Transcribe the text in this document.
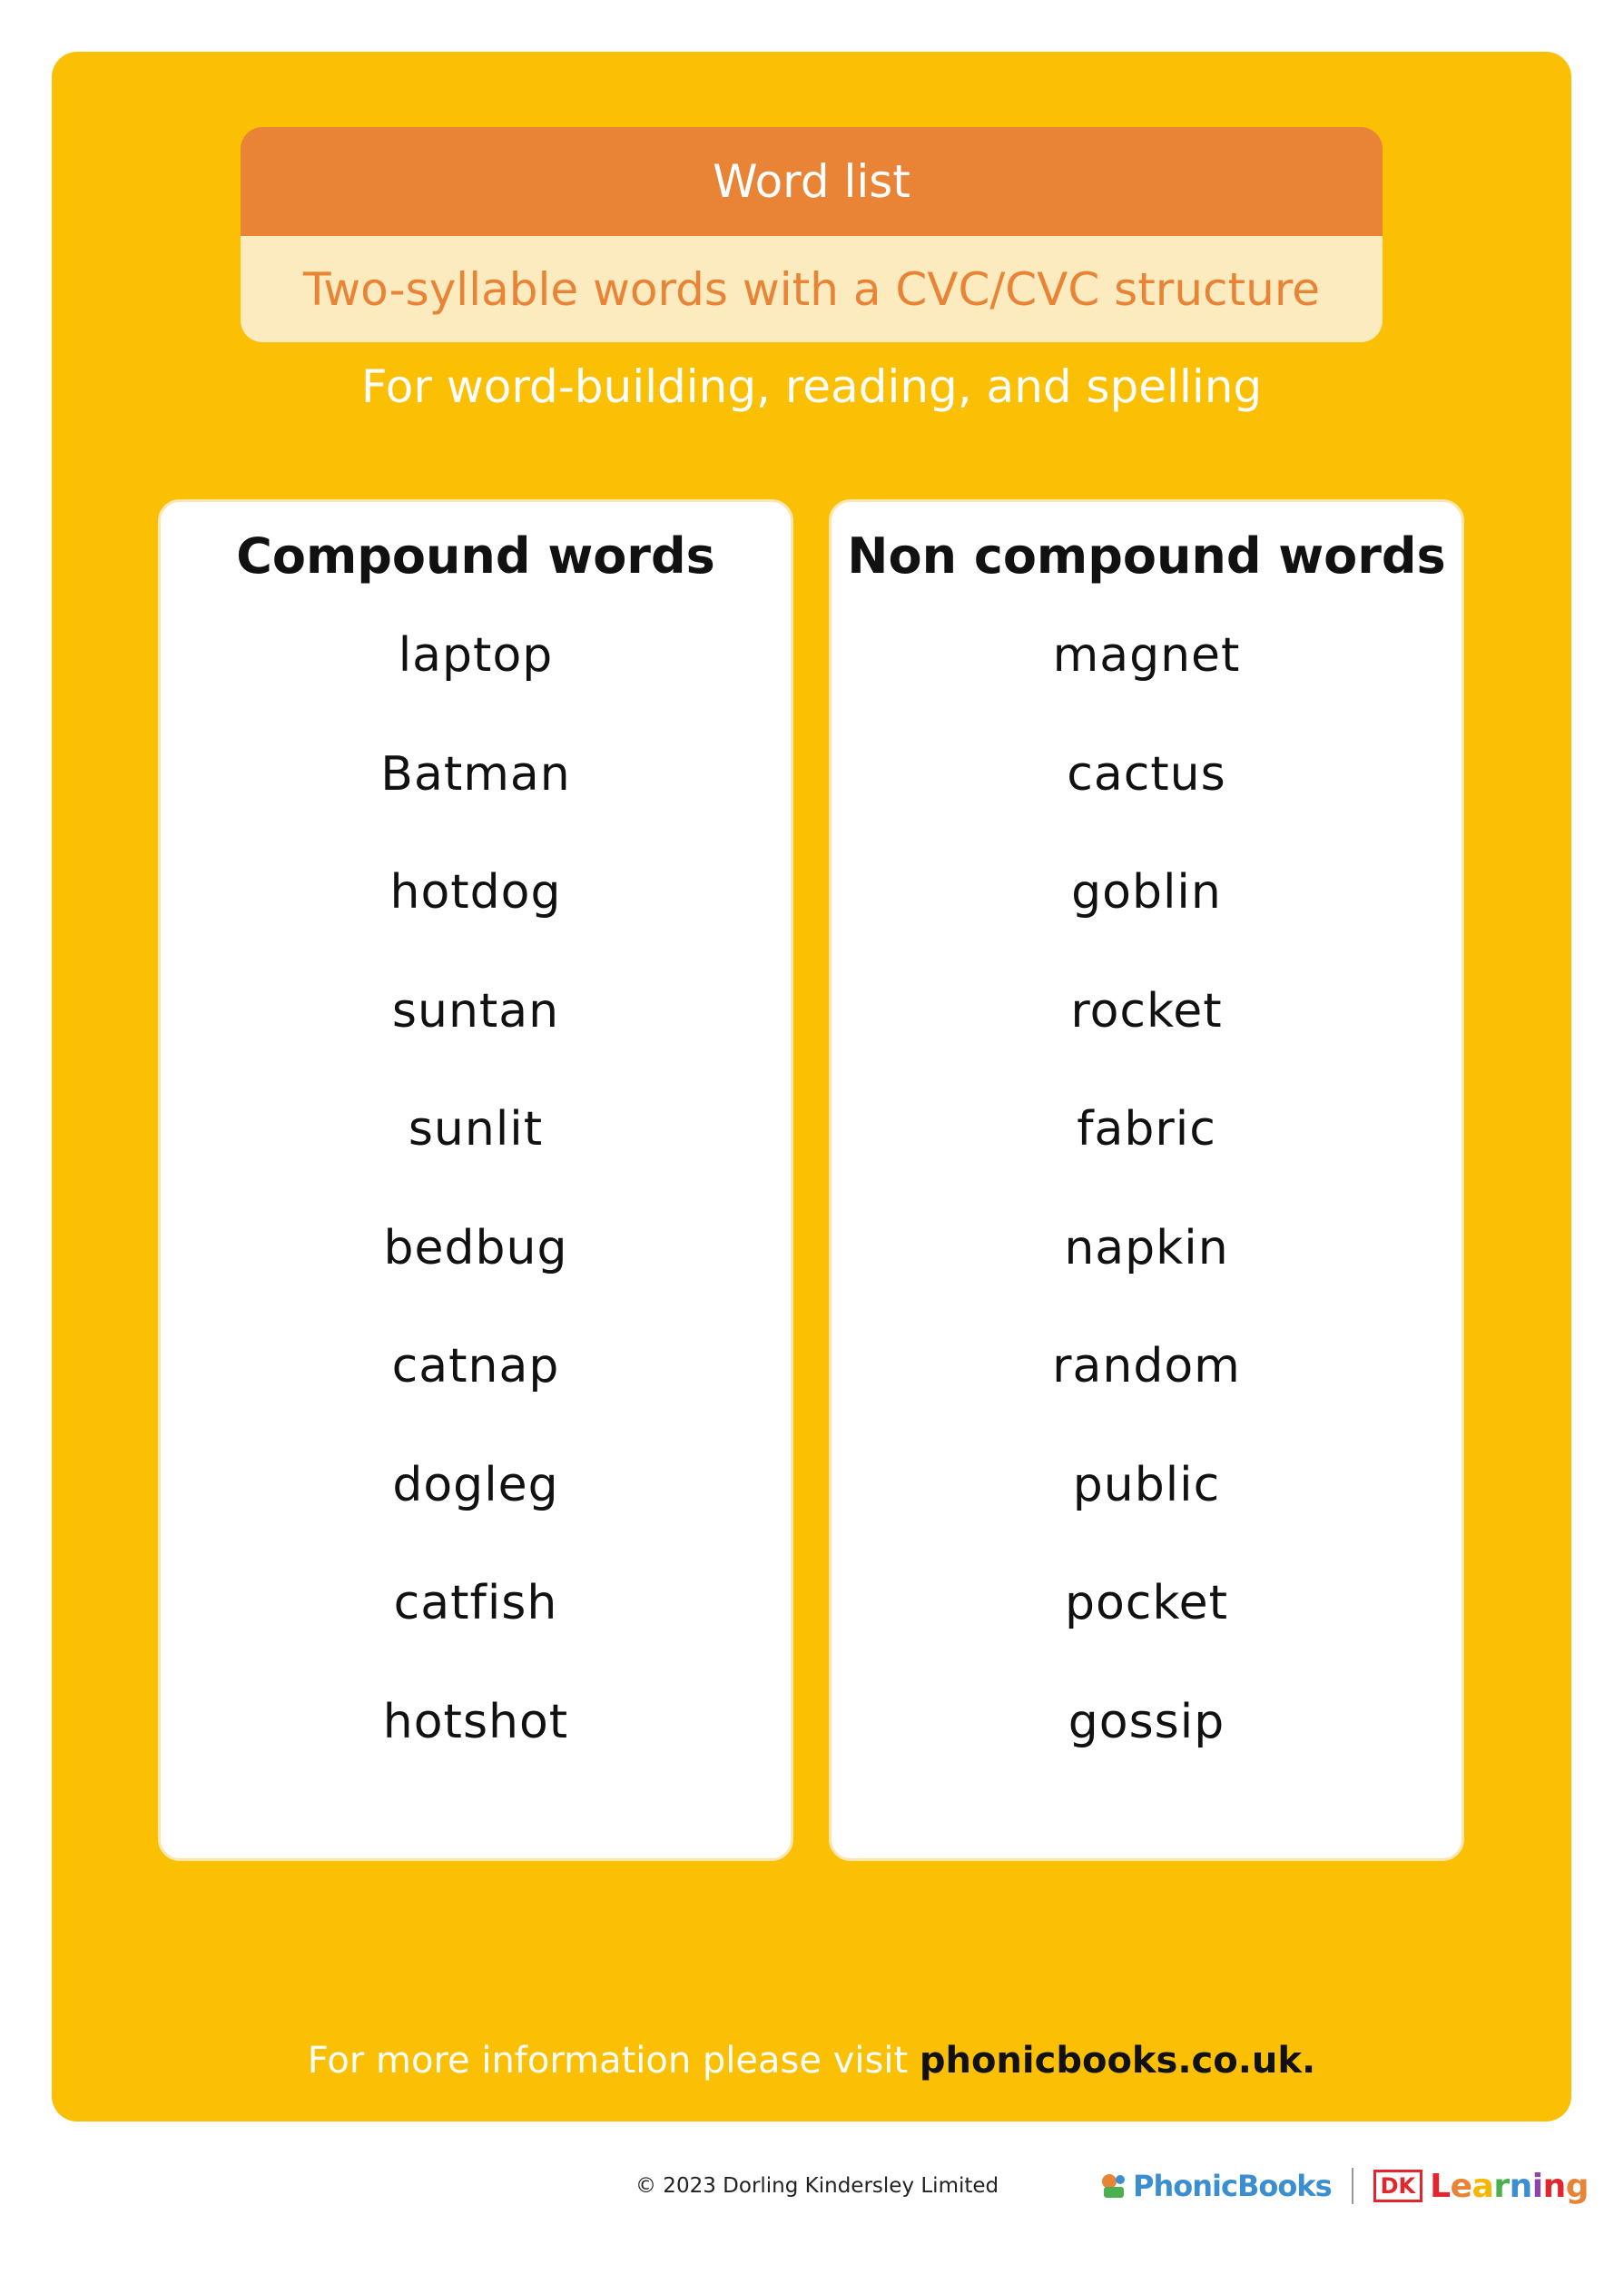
Word list
Two-syllable words with a CVC/CVC structure
For word-building, reading, and spelling
Compound words
laptop
Batman
hotdog
suntan
sunlit
bedbug
catnap
dogleg
catfish
hotshot
Non compound words
magnet
cactus
goblin
rocket
fabric
napkin
random
public
pocket
gossip
For more information please visit phonicbooks.co.uk.
© 2023 Dorling Kindersley Limited	PhonicBooks	DK Learning
